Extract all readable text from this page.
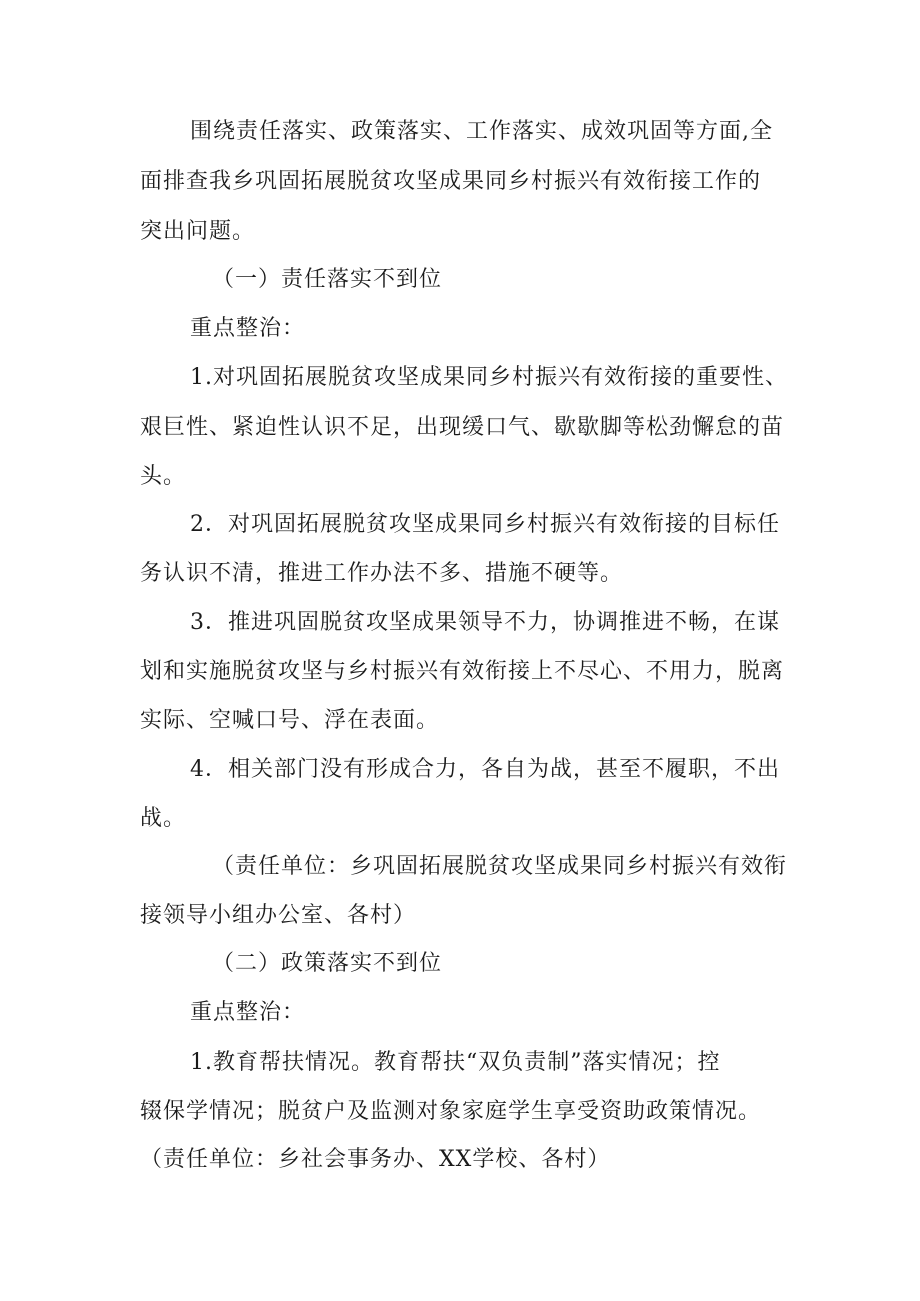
围绕责任落实、政策落实、工作落实、成效巩固等方面,全
面排查我乡巩固拓展脱贫攻坚成果同乡村振兴有效衔接工作的
突出问题。
（一）责任落实不到位
重点整治：
1.对巩固拓展脱贫攻坚成果同乡村振兴有效衔接的重要性、
艰巨性、紧迫性认识不足，出现缓口气、歇歇脚等松劲懈怠的苗
头。
2．对巩固拓展脱贫攻坚成果同乡村振兴有效衔接的目标任
务认识不清，推进工作办法不多、措施不硬等。
3．推进巩固脱贫攻坚成果领导不力，协调推进不畅，在谋
划和实施脱贫攻坚与乡村振兴有效衔接上不尽心、不用力，脱离
实际、空喊口号、浮在表面。
4．相关部门没有形成合力，各自为战，甚至不履职，不出
战。
（责任单位：乡巩固拓展脱贫攻坚成果同乡村振兴有效衔
接领导小组办公室、各村）
（二）政策落实不到位
重点整治：
1.教育帮扶情况。教育帮扶“双负责制”落实情况；控
辍保学情况；脱贫户及监测对象家庭学生享受资助政策情况。
（责任单位：乡社会事务办、XX学校、各村）
